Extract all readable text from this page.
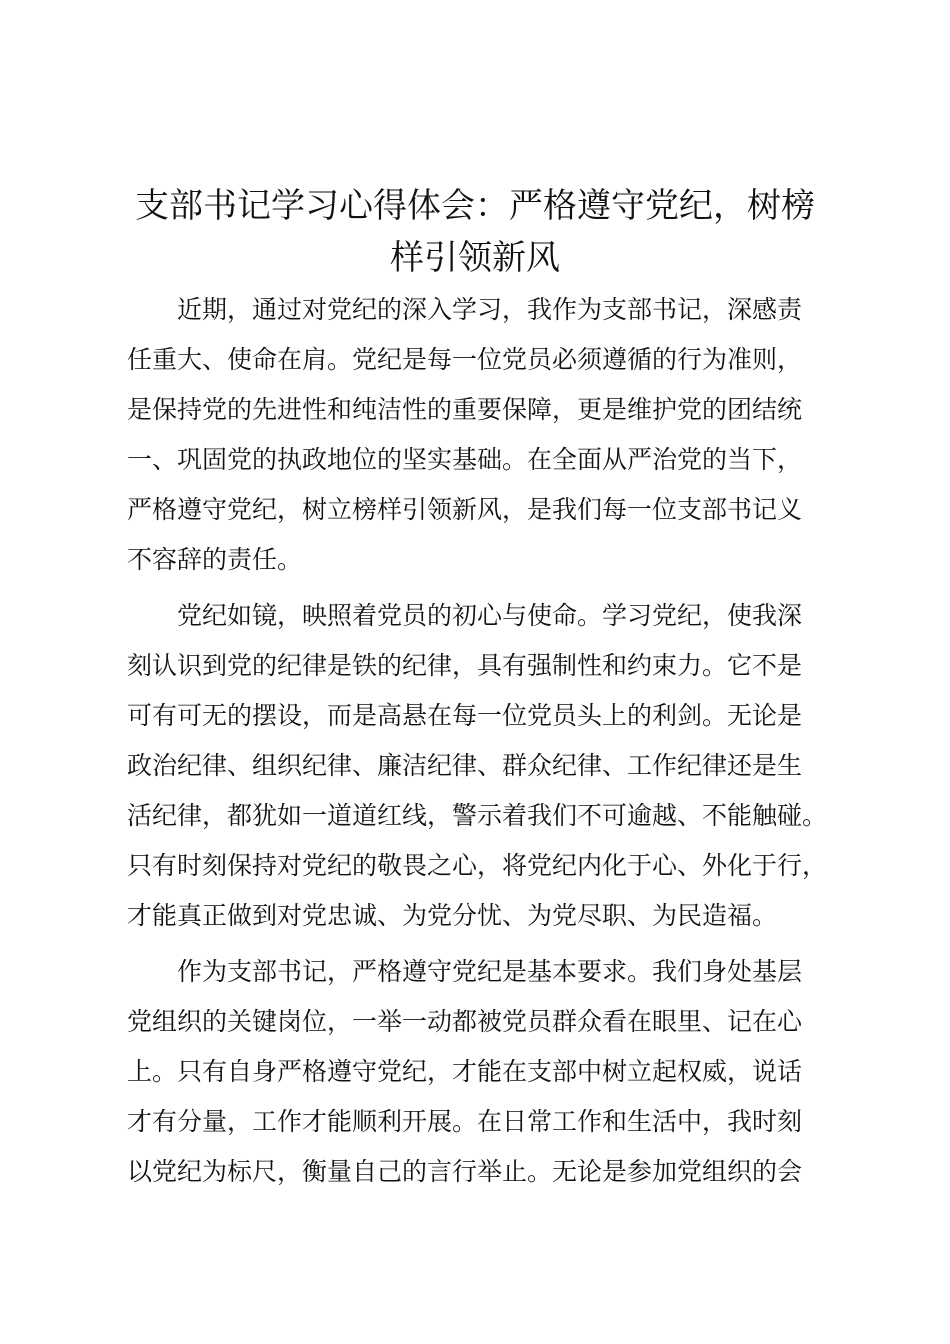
支部书记学习心得体会：严格遵守党纪，树榜
样引领新风
近期，通过对党纪的深入学习，我作为支部书记，深感责
任重大、使命在肩。党纪是每一位党员必须遵循的行为准则，
是保持党的先进性和纯洁性的重要保障，更是维护党的团结统
一、巩固党的执政地位的坚实基础。在全面从严治党的当下，
严格遵守党纪，树立榜样引领新风，是我们每一位支部书记义
不容辞的责任。
党纪如镜，映照着党员的初心与使命。学习党纪，使我深
刻认识到党的纪律是铁的纪律，具有强制性和约束力。它不是
可有可无的摆设，而是高悬在每一位党员头上的利剑。无论是
政治纪律、组织纪律、廉洁纪律、群众纪律、工作纪律还是生
活纪律，都犹如一道道红线，警示着我们不可逾越、不能触碰。
只有时刻保持对党纪的敬畏之心，将党纪内化于心、外化于行，
才能真正做到对党忠诚、为党分忧、为党尽职、为民造福。
作为支部书记，严格遵守党纪是基本要求。我们身处基层
党组织的关键岗位，一举一动都被党员群众看在眼里、记在心
上。只有自身严格遵守党纪，才能在支部中树立起权威，说话
才有分量，工作才能顺利开展。在日常工作和生活中，我时刻
以党纪为标尺，衡量自己的言行举止。无论是参加党组织的会
